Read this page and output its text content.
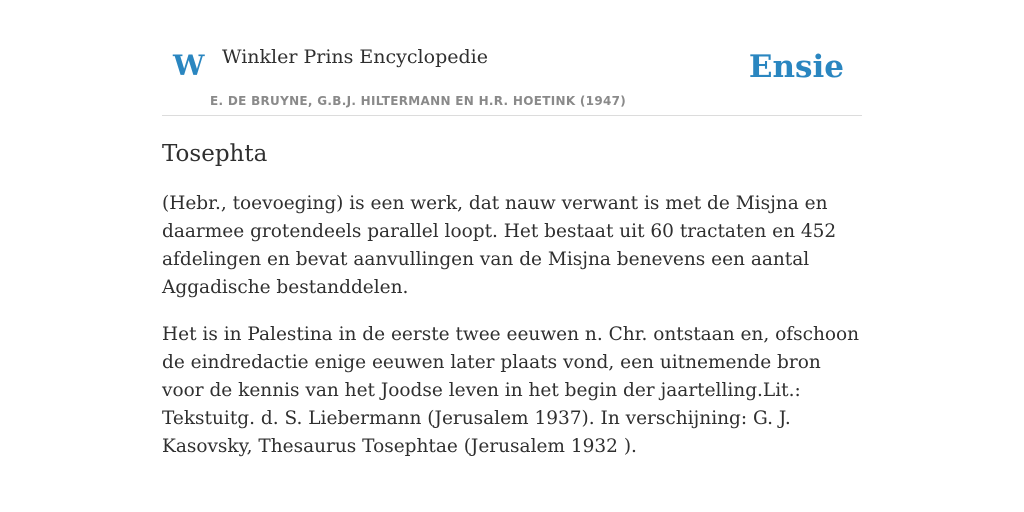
W Winkler Prins Encyclopedie	Ensie
E. DE BRUYNE, G.B.J. HILTERMANN EN H.R. HOETINK (1947)
Tosephta

(Hebr., toevoeging) is een werk, dat nauw verwant is met de Misjna en daarmee grotendeels parallel loopt. Het bestaat uit 60 tractaten en 452 afdelingen en bevat aanvullingen van de Misjna benevens een aantal Aggadische bestanddelen.

Het is in Palestina in de eerste twee eeuwen n. Chr. ontstaan en, ofschoon de eindredactie enige eeuwen later plaats vond, een uitnemende bron voor de kennis van het Joodse leven in het begin der jaartelling.Lit.: Tekstuitg. d. S. Liebermann (Jerusalem 1937). In verschijning: G. J. Kasovsky, Thesaurus Tosephtae (Jerusalem 1932 ).
